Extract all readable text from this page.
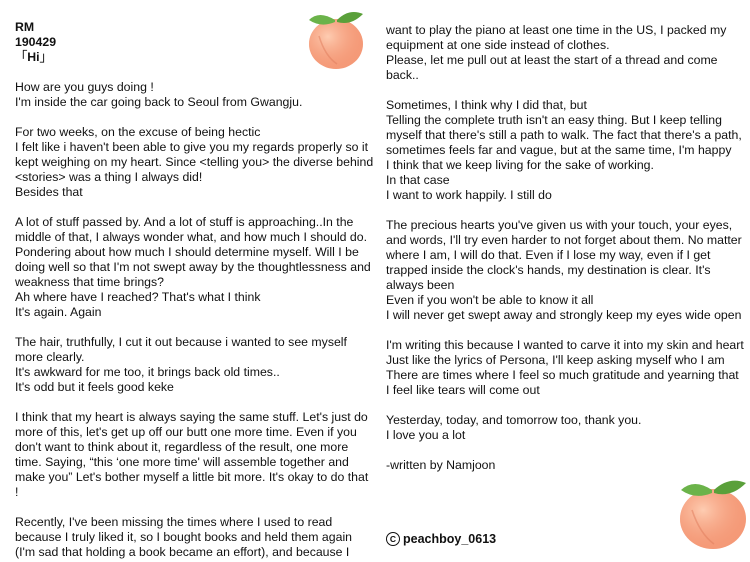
RM

190429

「Hi」

How are you guys doing !

I'm inside the car going back to Seoul from Gwangju.

For two weeks, on the excuse of being hectic

I felt like i haven't been able to give you my regards properly so it kept weighing on my heart. Since <telling you> the diverse behind <stories> was a thing I always did!

Besides that

A lot of stuff passed by. And a lot of stuff is approaching..In the middle of that, I always wonder what, and how much I should do. Pondering about how much I should determine myself. Will I be doing well so that I'm not swept away by the thoughtlessness and weakness that time brings?

Ah where have I reached? That's what I think

It's again. Again

The hair, truthfully, I cut it out because i wanted to see myself more clearly.

It's awkward for me too, it brings back old times..

It's odd but it feels good keke

I think that my heart is always saying the same stuff. Let's just do more of this, let's get up off our butt one more time. Even if you don't want to think about it, regardless of the result, one more time. Saying, “this ‘one more time' will assemble together and make you” Let's bother myself a little bit more. It's okay to do that !

Recently, I've been missing the times where I used to read because I truly liked it, so I bought books and held them again (I'm sad that holding a book became an effort), and because I

want to play the piano at least one time in the US, I packed my equipment at one side instead of clothes.

Please, let me pull out at least the start of a thread and come back..

Sometimes, I think why I did that, but

Telling the complete truth isn't an easy thing. But I keep telling myself that there's still a path to walk. The fact that there's a path, sometimes feels far and vague, but at the same time, I'm happy

I think that we keep living for the sake of working.

In that case

I want to work happily. I still do

The precious hearts you've given us with your touch, your eyes, and words, I'll try even harder to not forget about them. No matter where I am, I will do that. Even if I lose my way, even if I get trapped inside the clock's hands, my destination is clear. It's always been

Even if you won't be able to know it all

I will never get swept away and strongly keep my eyes wide open

I'm writing this because I wanted to carve it into my skin and heart

Just like the lyrics of Persona, I'll keep asking myself who I am

There are times where I feel so much gratitude and yearning that I feel like tears will come out

Yesterday, today, and tomorrow too, thank you.

I love you a lot

-written by Namjoon

C peachboy_0613
